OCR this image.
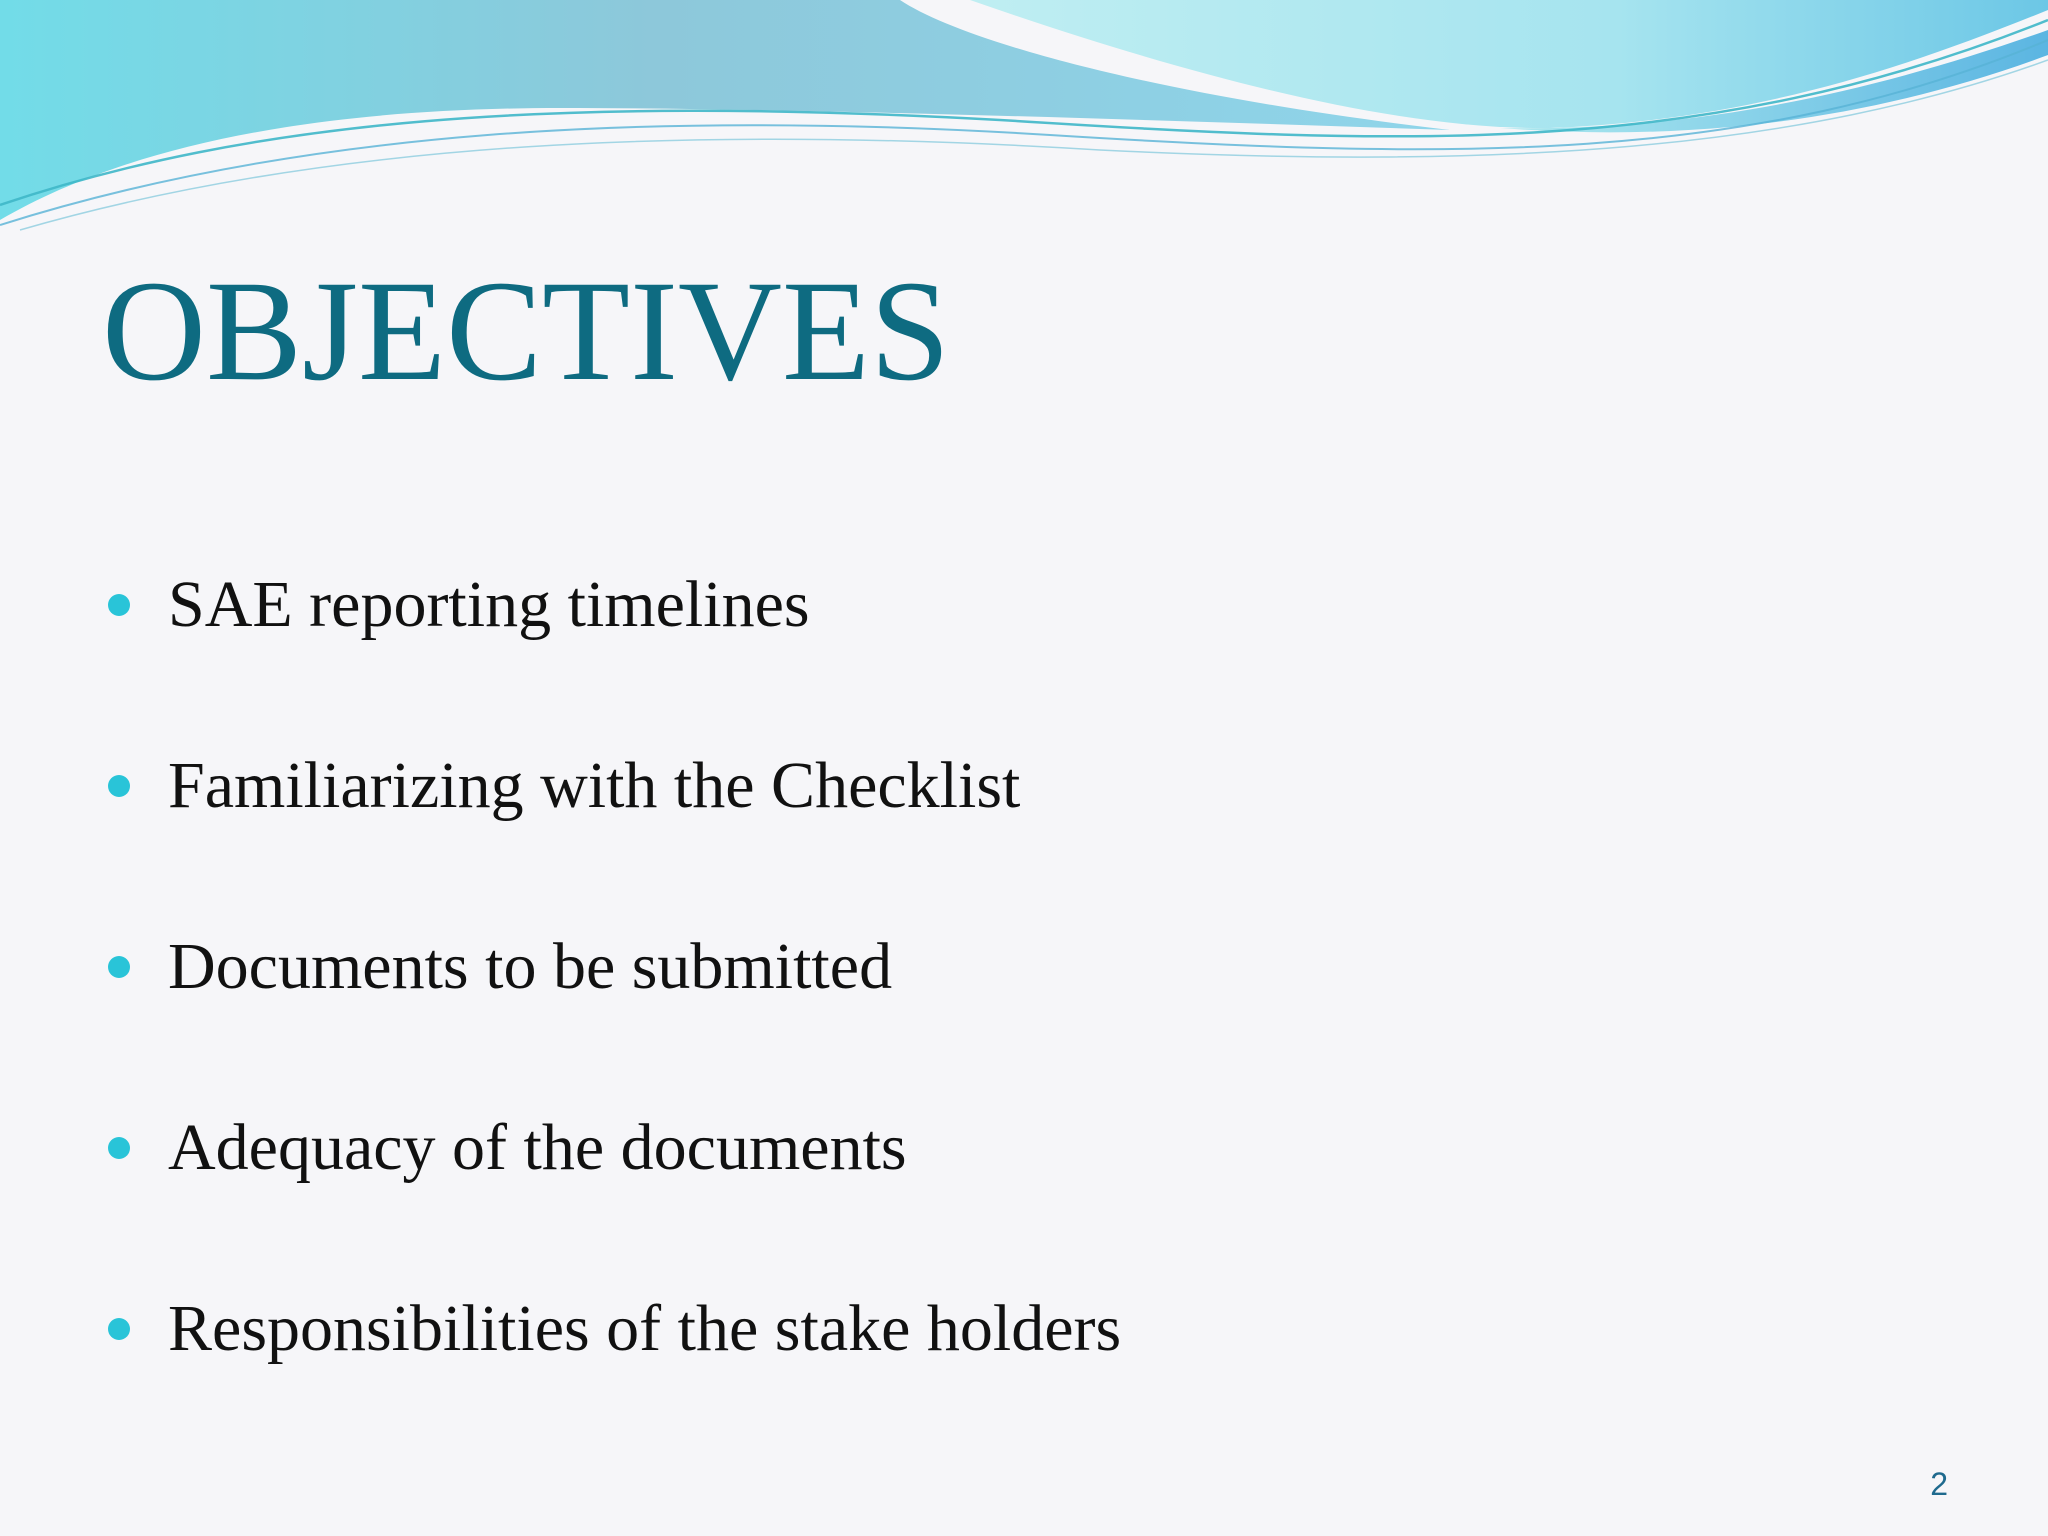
OBJECTIVES
SAE reporting timelines
Familiarizing with the Checklist
Documents to be submitted
Adequacy of the documents
Responsibilities of the stake holders
2
